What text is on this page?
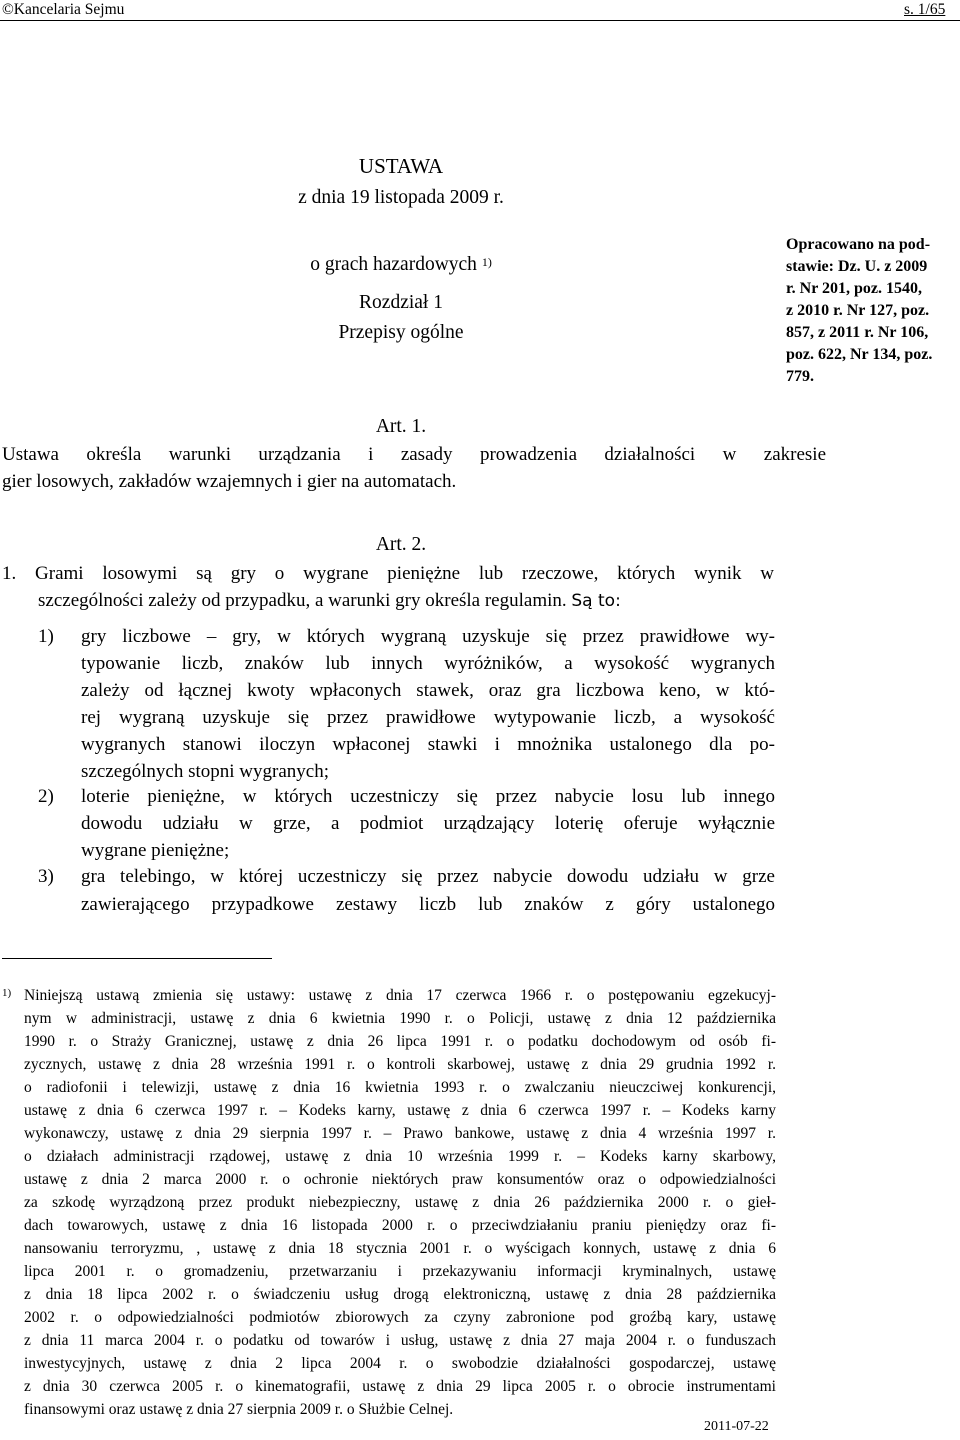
©Kancelaria Sejmu	s. 1/65
USTAWA
z dnia 19 listopada 2009 r.
o grach hazardowych $^{1)}$
Rozdział 1
Przepisy ogólne
Opracowano na pod-
stawie: Dz. U. z 2009
r. Nr 201, poz. 1540,
z 2010 r. Nr 127, poz.
857, z 2011 r. Nr 106,
poz. 622, Nr 134, poz.
779.
Art. 1.
Ustawa określa warunki urządzania i zasady prowadzenia działalności w zakresie
gier losowych, zakładów wzajemnych i gier na automatach.
Art. 2.
1. Grami losowymi są gry o wygrane pieniężne lub rzeczowe, których wynik w
szczególności zależy od przypadku, a warunki gry określa regulamin. Są to:
1) gry liczbowe – gry, w których wygraną uzyskuje się przez prawidłowe wy-
typowanie liczb, znaków lub innych wyróżników, a wysokość wygranych
zależy od łącznej kwoty wpłaconych stawek, oraz gra liczbowa keno, w któ-
rej wygraną uzyskuje się przez prawidłowe wytypowanie liczb, a wysokość
wygranych stanowi iloczyn wpłaconej stawki i mnożnika ustalonego dla po-
szczególnych stopni wygranych;
2) loterie pieniężne, w których uczestniczy się przez nabycie losu lub innego
dowodu udziału w grze, a podmiot urządzający loterię oferuje wyłącznie
wygrane pieniężne;
3) gra telebingo, w której uczestniczy się przez nabycie dowodu udziału w grze
zawierającego przypadkowe zestawy liczb lub znaków z góry ustalonego
1) Niniejszą ustawą zmienia się ustawy: ustawę z dnia 17 czerwca 1966 r. o postępowaniu egzekucyj-
nym w administracji, ustawę z dnia 6 kwietnia 1990 r. o Policji, ustawę z dnia 12 października
1990 r. o Straży Granicznej, ustawę z dnia 26 lipca 1991 r. o podatku dochodowym od osób fi-
zycznych, ustawę z dnia 28 września 1991 r. o kontroli skarbowej, ustawę z dnia 29 grudnia 1992 r.
o radiofonii i telewizji, ustawę z dnia 16 kwietnia 1993 r. o zwalczaniu nieuczciwej konkurencji,
ustawę z dnia 6 czerwca 1997 r. – Kodeks karny, ustawę z dnia 6 czerwca 1997 r. – Kodeks karny
wykonawczy, ustawę z dnia 29 sierpnia 1997 r. – Prawo bankowe, ustawę z dnia 4 września 1997 r.
o działach administracji rządowej, ustawę z dnia 10 września 1999 r. – Kodeks karny skarbowy,
ustawę z dnia 2 marca 2000 r. o ochronie niektórych praw konsumentów oraz o odpowiedzialności
za szkodę wyrządzoną przez produkt niebezpieczny, ustawę z dnia 26 października 2000 r. o gieł-
dach towarowych, ustawę z dnia 16 listopada 2000 r. o przeciwdziałaniu praniu pieniędzy oraz fi-
nansowaniu terroryzmu, , ustawę z dnia 18 stycznia 2001 r. o wyścigach konnych, ustawę z dnia 6
lipca 2001 r. o gromadzeniu, przetwarzaniu i przekazywaniu informacji kryminalnych, ustawę
z dnia 18 lipca 2002 r. o świadczeniu usług drogą elektroniczną, ustawę z dnia 28 października
2002 r. o odpowiedzialności podmiotów zbiorowych za czyny zabronione pod groźbą kary, ustawę
z dnia 11 marca 2004 r. o podatku od towarów i usług, ustawę z dnia 27 maja 2004 r. o funduszach
inwestycyjnych, ustawę z dnia 2 lipca 2004 r. o swobodzie działalności gospodarczej, ustawę
z dnia 30 czerwca 2005 r. o kinematografii, ustawę z dnia 29 lipca 2005 r. o obrocie instrumentami
finansowymi oraz ustawę z dnia 27 sierpnia 2009 r. o Służbie Celnej.
2011-07-22
